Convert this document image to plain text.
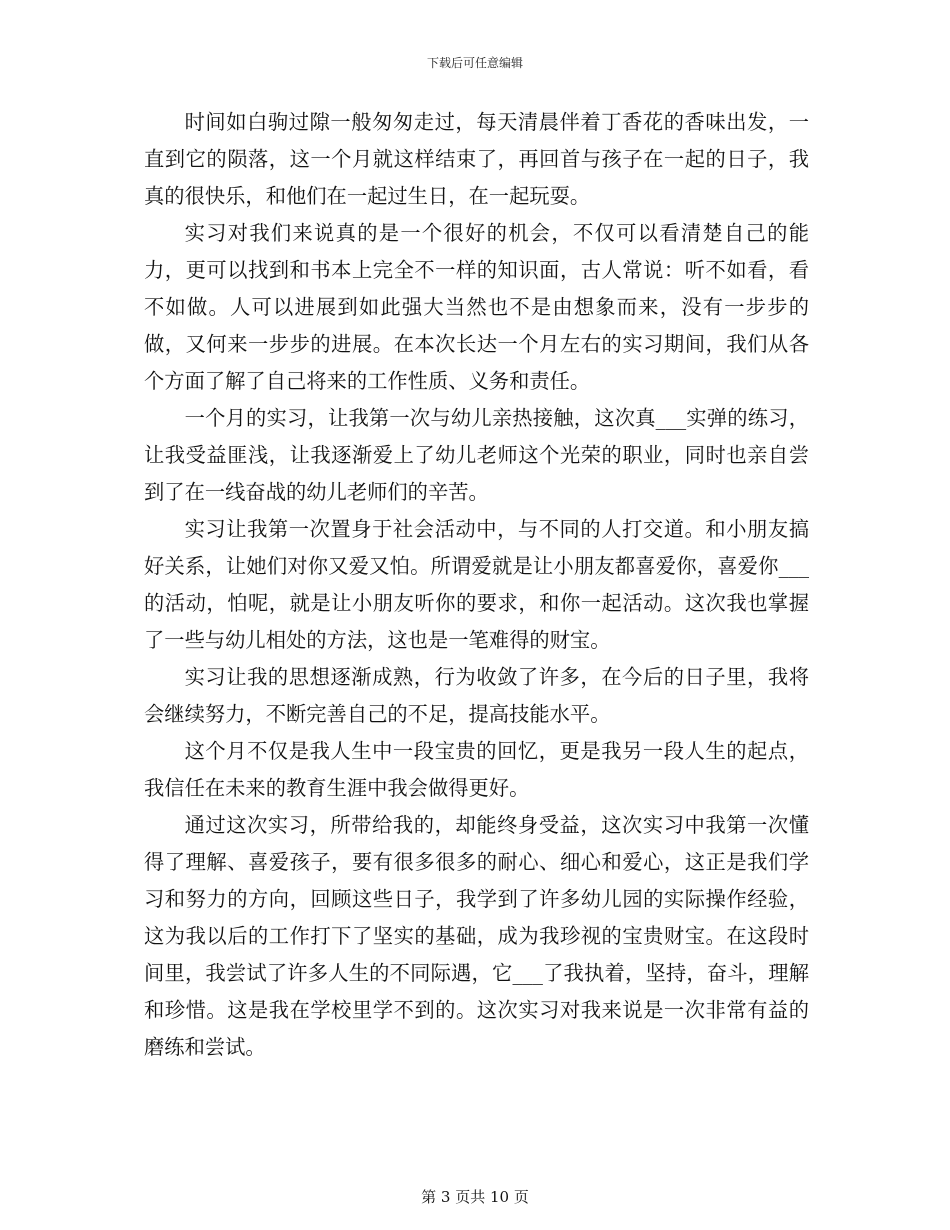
下载后可任意编辑

时间如白驹过隙一般匆匆走过，每天清晨伴着丁香花的香味出发，一直到它的陨落，这一个月就这样结束了，再回首与孩子在一起的日子，我真的很快乐，和他们在一起过生日，在一起玩耍。

实习对我们来说真的是一个很好的机会，不仅可以看清楚自己的能力，更可以找到和书本上完全不一样的知识面，古人常说：听不如看，看不如做。人可以进展到如此强大当然也不是由想象而来，没有一步步的做，又何来一步步的进展。在本次长达一个月左右的实习期间，我们从各个方面了解了自己将来的工作性质、义务和责任。

一个月的实习，让我第一次与幼儿亲热接触，这次真___实弹的练习，让我受益匪浅，让我逐渐爱上了幼儿老师这个光荣的职业，同时也亲自尝到了在一线奋战的幼儿老师们的辛苦。

实习让我第一次置身于社会活动中，与不同的人打交道。和小朋友搞好关系，让她们对你又爱又怕。所谓爱就是让小朋友都喜爱你，喜爱你___的活动，怕呢，就是让小朋友听你的要求，和你一起活动。这次我也掌握了一些与幼儿相处的方法，这也是一笔难得的财宝。

实习让我的思想逐渐成熟，行为收敛了许多，在今后的日子里，我将会继续努力，不断完善自己的不足，提高技能水平。

这个月不仅是我人生中一段宝贵的回忆，更是我另一段人生的起点，我信任在未来的教育生涯中我会做得更好。

通过这次实习，所带给我的，却能终身受益，这次实习中我第一次懂得了理解、喜爱孩子，要有很多很多的耐心、细心和爱心，这正是我们学习和努力的方向，回顾这些日子，我学到了许多幼儿园的实际操作经验，这为我以后的工作打下了坚实的基础，成为我珍视的宝贵财宝。在这段时间里，我尝试了许多人生的不同际遇，它___了我执着，坚持，奋斗，理解和珍惜。这是我在学校里学不到的。这次实习对我来说是一次非常有益的磨练和尝试。

第 3 页共 10 页
